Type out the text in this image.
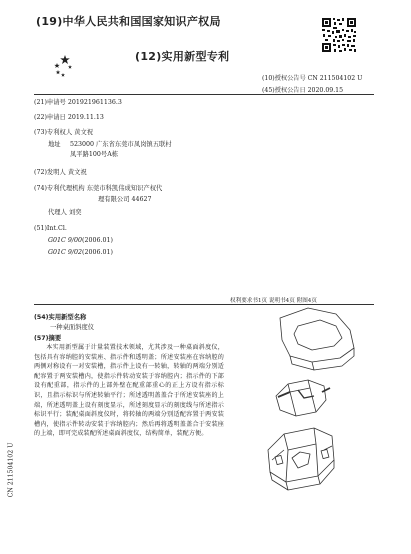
(19)中华人民共和国国家知识产权局
(12)实用新型专利
(10)授权公告号 CN 211504102 U
(45)授权公告日 2020.09.15
(21)申请号 201921961136.3
(22)申请日 2019.11.13
(73)专利权人 黄文祝
地址 523000 广东省东莞市凤岗镇五联村
凤平路100号A栋
(72)发明人 黄文祝
(74)专利代理机构 东莞市科凯伟成知识产权代
理有限公司 44627
代理人 刘奕
(51)Int.Cl.
G01C 9/00(2006.01)
G01C 9/02(2006.01)
权利要求书1页 说明书4页 附图4页
(54)实用新型名称
一种桌面斜度仪
(57)摘要
本实用新型属于计量装置技术领域，尤其涉及一种桌面斜度仪，包括具有容纳腔的安装座、指示件和透明盖；所述安装座在容纳腔的两侧对称设有一对安装槽，指示件上设有一转轴，转轴的两端分别适配容置于两安装槽内，使指示件转动安装于容纳腔内；指示件的下部设有配重部，指示件的上部外壁在配重部重心的正上方设有指示标识，且指示标识与所述转轴平行；所述透明盖盖合于所述安装座的上端，所述透明盖上设有刻度显示，所述刻度显示的刻度线与所述指示标识平行；装配桌面斜度仪时，将转轴的两端分别适配容置于两安装槽内，使指示件转动安装于容纳腔内；然后再将透明盖盖合于安装座的上端，即可完成装配所述桌面斜度仪，结构简单，装配方便。
CN 211504102 U
